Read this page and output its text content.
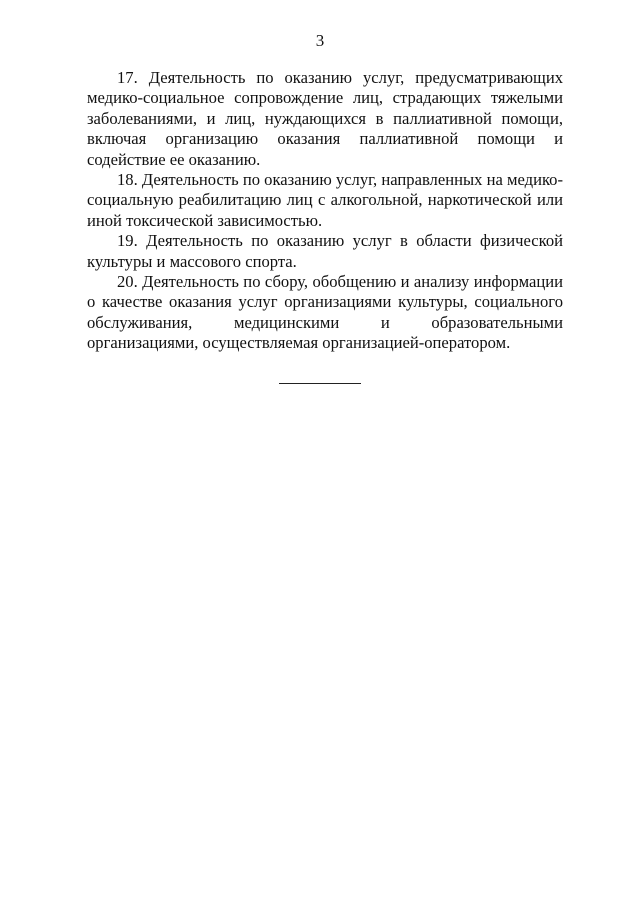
3

17. Деятельность по оказанию услуг, предусматривающих медико-социальное сопровождение лиц, страдающих тяжелыми заболеваниями, и лиц, нуждающихся в паллиативной помощи, включая организацию оказания паллиативной помощи и содействие ее оказанию.

18. Деятельность по оказанию услуг, направленных на медико-социальную реабилитацию лиц с алкогольной, наркотической или иной токсической зависимостью.

19. Деятельность по оказанию услуг в области физической культуры и массового спорта.

20. Деятельность по сбору, обобщению и анализу информации о качестве оказания услуг организациями культуры, социального обслуживания, медицинскими и образовательными организациями, осуществляемая организацией-оператором.
